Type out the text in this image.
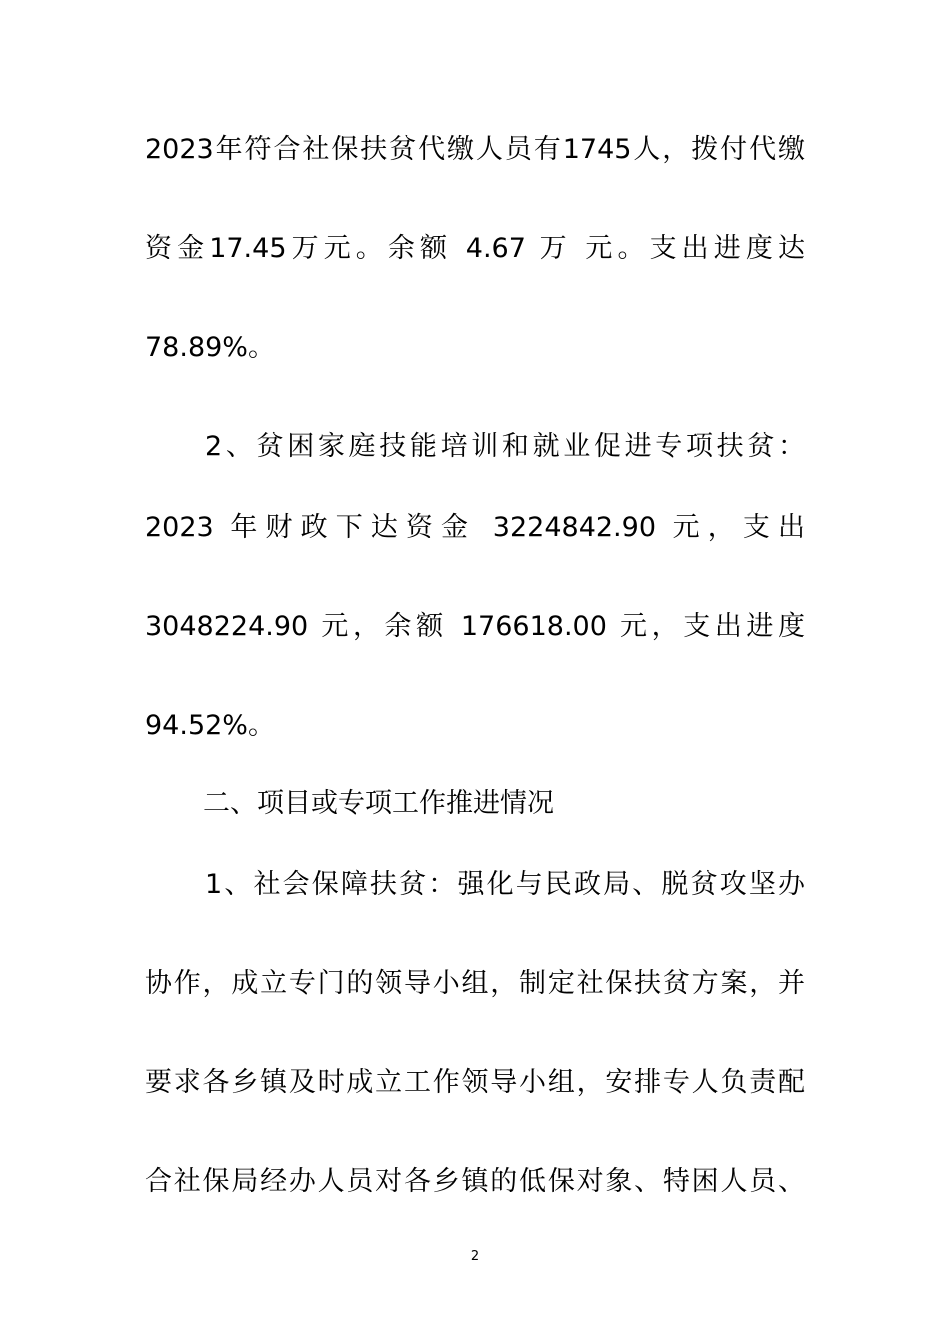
2023年符合社保扶贫代缴人员有1745人，拨付代缴
资金17.45万元。余额 4.67 万 元。支出进度达
78.89%。
2、贫困家庭技能培训和就业促进专项扶贫：
2023 年财政下达资金 3224842.90 元，支出
3048224.90 元，余额 176618.00 元，支出进度
94.52%。
二、项目或专项工作推进情况
1、社会保障扶贫：强化与民政局、脱贫攻坚办
协作，成立专门的领导小组，制定社保扶贫方案，并
要求各乡镇及时成立工作领导小组，安排专人负责配
合社保局经办人员对各乡镇的低保对象、特困人员、
2
